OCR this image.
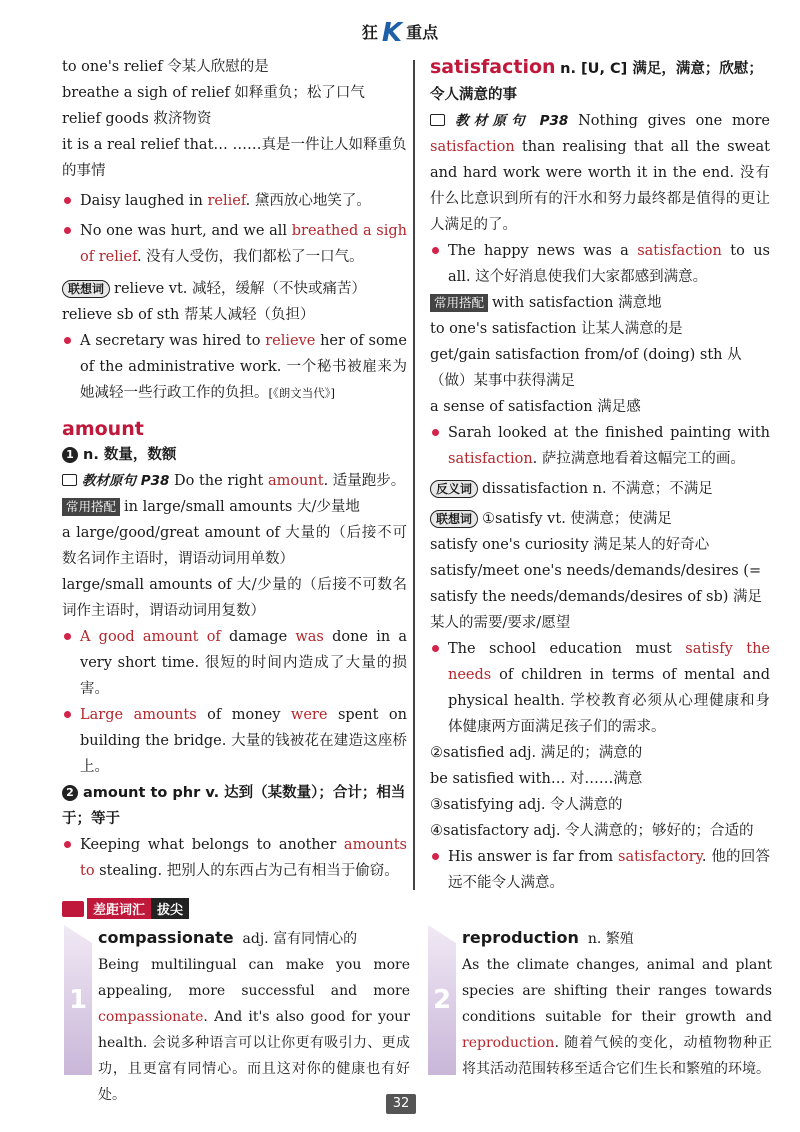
狂 K 重点
to one's relief 令某人欣慰的是
breathe a sigh of relief 如释重负；松了口气
relief goods 救济物资
it is a real relief that… ……真是一件让人如释重负的事情
Daisy laughed in relief. 黛西放心地笑了。
No one was hurt, and we all breathed a sigh of relief. 没有人受伤，我们都松了一口气。
联想词 relieve vt. 减轻，缓解（不快或痛苦）
relieve sb of sth 帮某人减轻（负担）
A secretary was hired to relieve her of some of the administrative work. 一个秘书被雇来为她减轻一些行政工作的负担。[《朗文当代》]
amount
1 n. 数量，数额
教材原句 P38 Do the right amount. 适量跑步。
常用搭配 in large/small amounts 大/少量地
a large/good/great amount of 大量的（后接不可数名词作主语时，谓语动词用单数）
large/small amounts of 大/少量的（后接不可数名词作主语时，谓语动词用复数）
A good amount of damage was done in a very short time. 很短的时间内造成了大量的损害。
Large amounts of money were spent on building the bridge. 大量的钱被花在建造这座桥上。
2 amount to phr v. 达到（某数量）；合计；相当于；等于
Keeping what belongs to another amounts to stealing. 把别人的东西占为己有相当于偷窃。
satisfaction n. [U, C] 满足，满意；欣慰；令人满意的事
教材原句 P38 Nothing gives one more satisfaction than realising that all the sweat and hard work were worth it in the end. 没有什么比意识到所有的汗水和努力最终都是值得的更让人满足的了。
The happy news was a satisfaction to us all. 这个好消息使我们大家都感到满意。
常用搭配 with satisfaction 满意地
to one's satisfaction 让某人满意的是
get/gain satisfaction from/of (doing) sth 从（做）某事中获得满足
a sense of satisfaction 满足感
Sarah looked at the finished painting with satisfaction. 萨拉满意地看着这幅完工的画。
反义词 dissatisfaction n. 不满意；不满足
联想词 ①satisfy vt. 使满意；使满足
satisfy one's curiosity 满足某人的好奇心
satisfy/meet one's needs/demands/desires (= satisfy the needs/demands/desires of sb) 满足某人的需要/要求/愿望
The school education must satisfy the needs of children in terms of mental and physical health. 学校教育必须从心理健康和身体健康两方面满足孩子们的需求。
②satisfied adj. 满足的；满意的
be satisfied with… 对……满意
③satisfying adj. 令人满意的
④satisfactory adj. 令人满意的；够好的；合适的
His answer is far from satisfactory. 他的回答远不能令人满意。
差距词汇 拔尖
1
compassionate adj. 富有同情心的
Being multilingual can make you more appealing, more successful and more compassionate. And it's also good for your health. 会说多种语言可以让你更有吸引力、更成功，且更富有同情心。而且这对你的健康也有好处。
2
reproduction n. 繁殖
As the climate changes, animal and plant species are shifting their ranges towards conditions suitable for their growth and reproduction. 随着气候的变化，动植物物种正将其活动范围转移至适合它们生长和繁殖的环境。
32
